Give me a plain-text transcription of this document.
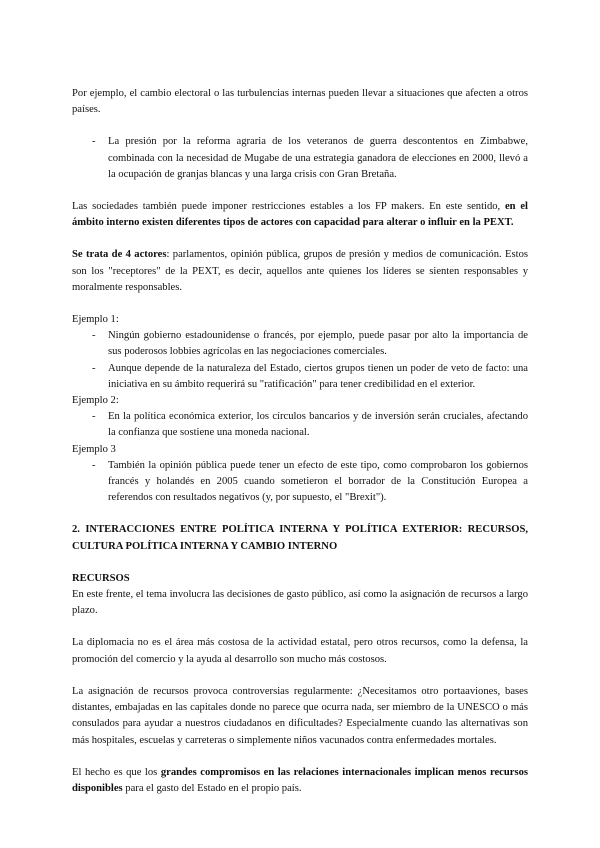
Por ejemplo, el cambio electoral o las turbulencias internas pueden llevar a situaciones que afecten a otros países.

- La presión por la reforma agraria de los veteranos de guerra descontentos en Zimbabwe, combinada con la necesidad de Mugabe de una estrategia ganadora de elecciones en 2000, llevó a la ocupación de granjas blancas y una larga crisis con Gran Bretaña.

Las sociedades también puede imponer restricciones estables a los FP makers. En este sentido, en el ámbito interno existen diferentes tipos de actores con capacidad para alterar o influir en la PEXT.

Se trata de 4 actores: parlamentos, opinión pública, grupos de presión y medios de comunicación. Estos son los "receptores" de la PEXT, es decir, aquellos ante quienes los líderes se sienten responsables y moralmente responsables.

Ejemplo 1:
- Ningún gobierno estadounidense o francés, por ejemplo, puede pasar por alto la importancia de sus poderosos lobbies agrícolas en las negociaciones comerciales.
- Aunque depende de la naturaleza del Estado, ciertos grupos tienen un poder de veto de facto: una iniciativa en su ámbito requerirá su "ratificación" para tener credibilidad en el exterior.
Ejemplo 2:
- En la política económica exterior, los círculos bancarios y de inversión serán cruciales, afectando la confianza que sostiene una moneda nacional.
Ejemplo 3
- También la opinión pública puede tener un efecto de este tipo, como comprobaron los gobiernos francés y holandés en 2005 cuando sometieron el borrador de la Constitución Europea a referendos con resultados negativos (y, por supuesto, el "Brexit").
2. INTERACCIONES ENTRE POLÍTICA INTERNA Y POLÍTICA EXTERIOR: RECURSOS, CULTURA POLÍTICA INTERNA Y CAMBIO INTERNO
RECURSOS

En este frente, el tema involucra las decisiones de gasto público, así como la asignación de recursos a largo plazo.

La diplomacia no es el área más costosa de la actividad estatal, pero otros recursos, como la defensa, la promoción del comercio y la ayuda al desarrollo son mucho más costosos.

La asignación de recursos provoca controversias regularmente: ¿Necesitamos otro portaaviones, bases distantes, embajadas en las capitales donde no parece que ocurra nada, ser miembro de la UNESCO o más consulados para ayudar a nuestros ciudadanos en dificultades? Especialmente cuando las alternativas son más hospitales, escuelas y carreteras o simplemente niños vacunados contra enfermedades mortales.

El hecho es que los grandes compromisos en las relaciones internacionales implican menos recursos disponibles para el gasto del Estado en el propio país.
